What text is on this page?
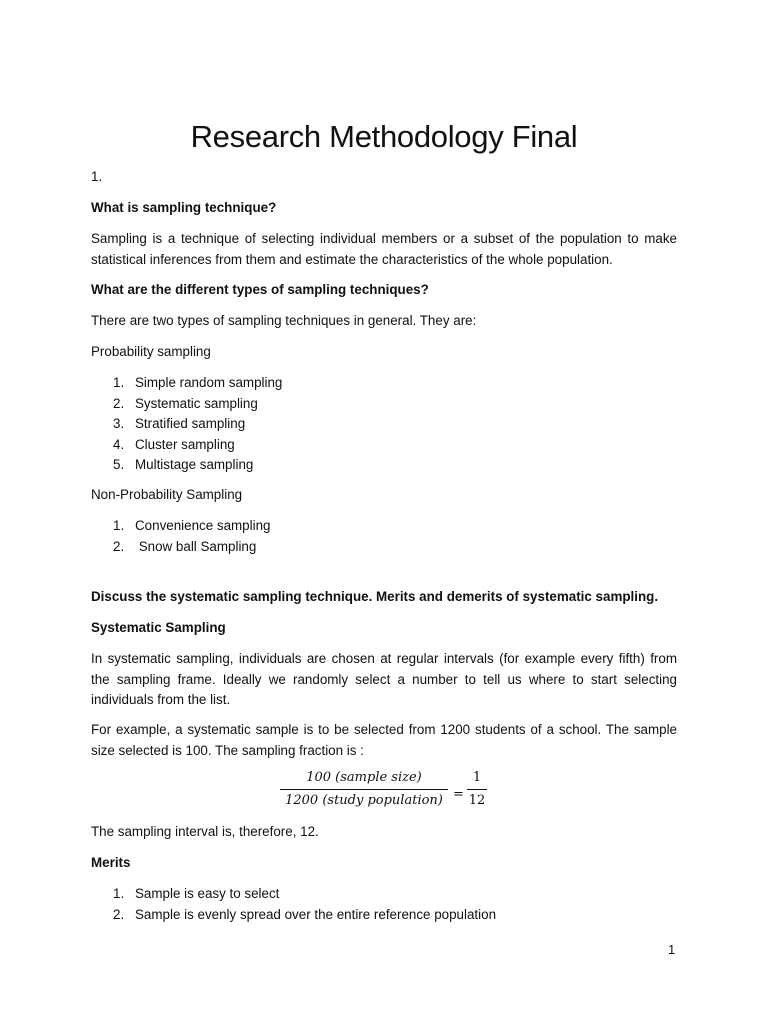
Research Methodology Final

1.

What is sampling technique?

Sampling is a technique of selecting individual members or a subset of the population to make statistical inferences from them and estimate the characteristics of the whole population.

What are the different types of sampling techniques?

There are two types of sampling techniques in general. They are:

Probability sampling

1. Simple random sampling
2. Systematic sampling
3. Stratified sampling
4. Cluster sampling
5. Multistage sampling

Non-Probability Sampling

1. Convenience sampling
2. Snow ball Sampling

Discuss the systematic sampling technique. Merits and demerits of systematic sampling.

Systematic Sampling

In systematic sampling, individuals are chosen at regular intervals (for example every fifth) from the sampling frame. Ideally we randomly select a number to tell us where to start selecting individuals from the list.

For example, a systematic sample is to be selected from 1200 students of a school. The sample size selected is 100. The sampling fraction is :

100 (sample size)
1200 (study population) =
1
12

The sampling interval is, therefore, 12.

Merits

1. Sample is easy to select
2. Sample is evenly spread over the entire reference population
1
